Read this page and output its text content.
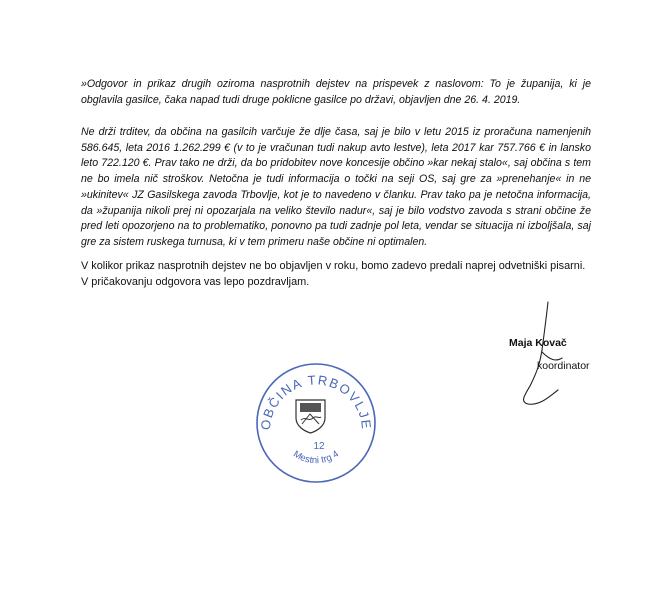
»Odgovor in prikaz drugih oziroma nasprotnih dejstev na prispevek z naslovom: To je županija, ki je obglavila gasilce, čaka napad tudi druge poklicne gasilce po državi, objavljen dne 26. 4. 2019.

Ne drži trditev, da občina na gasilcih varčuje že dlje časa, saj je bilo v letu 2015 iz proračuna namenjenih 586.645, leta 2016 1.262.299 € (v to je vračunan tudi nakup avto lestve), leta 2017 kar 757.766 € in lansko leto 722.120 €. Prav tako ne drži, da bo pridobitev nove koncesije občino »kar nekaj stalo«, saj občina s tem ne bo imela nič stroškov. Netočna je tudi informacija o točki na seji OS, saj gre za »prenehanje« in ne »ukinitev« JZ Gasilskega zavoda Trbovlje, kot je to navedeno v članku. Prav tako pa je netočna informacija, da »županija nikoli prej ni opozarjala na veliko število nadur«, saj je bilo vodstvo zavoda s strani občine že pred leti opozorjeno na to problematiko, ponovno pa tudi zadnje pol leta, vendar se situacija ni izboljšala, saj gre za sistem ruskega turnusa, ki v tem primeru naše občine ni optimalen.

V kolikor prikaz nasprotnih dejstev ne bo objavljen v roku, bomo zadevo predali naprej odvetniški pisarni.

V pričakovanju odgovora vas lepo pozdravljam.

Maja Kovač
koordinator
OBČINA TRBOVLJE
12
Mestni trg 4
